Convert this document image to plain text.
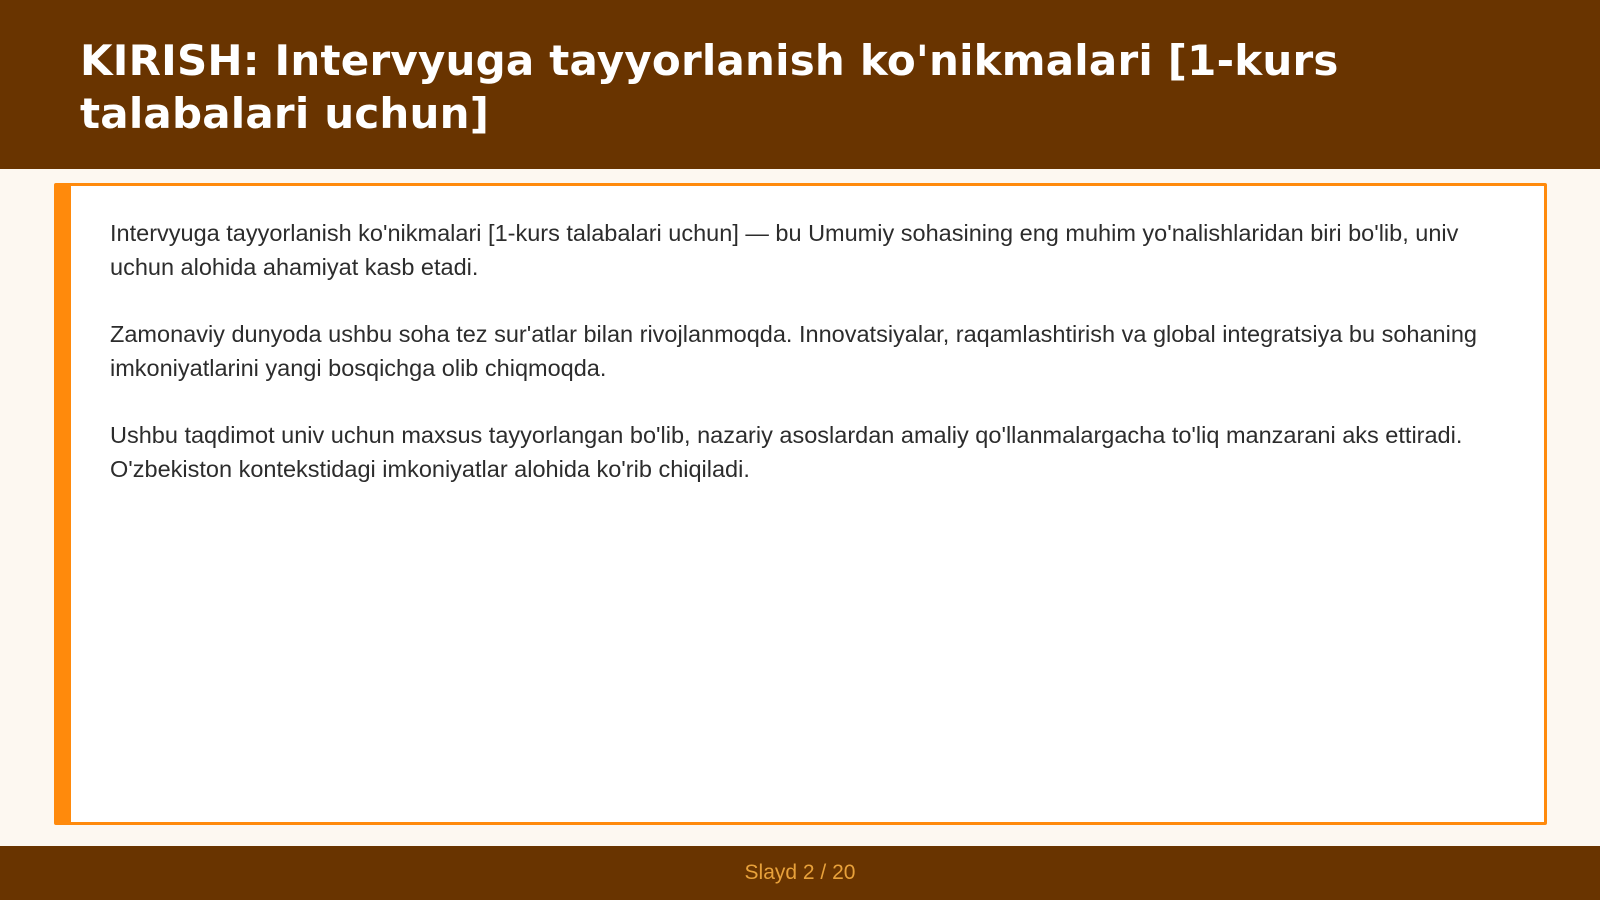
KIRISH: Intervyuga tayyorlanish ko'nikmalari [1-kurs talabalari uchun]

Intervyuga tayyorlanish ko'nikmalari [1-kurs talabalari uchun] — bu Umumiy sohasining eng muhim yo'nalishlaridan biri bo'lib, univ uchun alohida ahamiyat kasb etadi.

Zamonaviy dunyoda ushbu soha tez sur'atlar bilan rivojlanmoqda. Innovatsiyalar, raqamlashtirish va global integratsiya bu sohaning imkoniyatlarini yangi bosqichga olib chiqmoqda.

Ushbu taqdimot univ uchun maxsus tayyorlangan bo'lib, nazariy asoslardan amaliy qo'llanmalargacha to'liq manzarani aks ettiradi. O'zbekiston kontekstidagi imkoniyatlar alohida ko'rib chiqiladi.

Slayd 2 / 20
